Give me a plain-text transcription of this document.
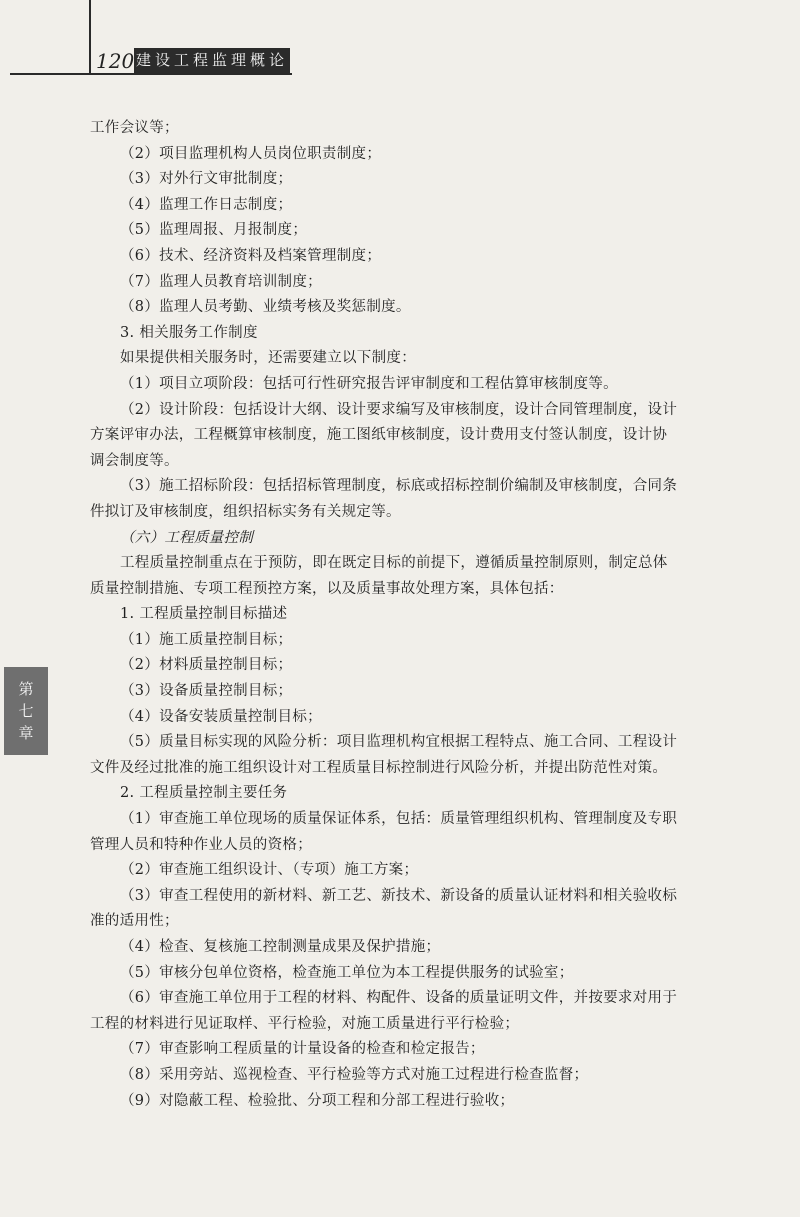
120 建设工程监理概论
第
七
章
工作会议等；
（2）项目监理机构人员岗位职责制度；
（3）对外行文审批制度；
（4）监理工作日志制度；
（5）监理周报、月报制度；
（6）技术、经济资料及档案管理制度；
（7）监理人员教育培训制度；
（8）监理人员考勤、业绩考核及奖惩制度。
3. 相关服务工作制度
如果提供相关服务时，还需要建立以下制度：
（1）项目立项阶段：包括可行性研究报告评审制度和工程估算审核制度等。
（2）设计阶段：包括设计大纲、设计要求编写及审核制度，设计合同管理制度，设计
方案评审办法，工程概算审核制度，施工图纸审核制度，设计费用支付签认制度，设计协
调会制度等。
（3）施工招标阶段：包括招标管理制度，标底或招标控制价编制及审核制度，合同条
件拟订及审核制度，组织招标实务有关规定等。
（六）工程质量控制
工程质量控制重点在于预防，即在既定目标的前提下，遵循质量控制原则，制定总体
质量控制措施、专项工程预控方案，以及质量事故处理方案，具体包括：
1. 工程质量控制目标描述
（1）施工质量控制目标；
（2）材料质量控制目标；
（3）设备质量控制目标；
（4）设备安装质量控制目标；
（5）质量目标实现的风险分析：项目监理机构宜根据工程特点、施工合同、工程设计
文件及经过批准的施工组织设计对工程质量目标控制进行风险分析，并提出防范性对策。
2. 工程质量控制主要任务
（1）审查施工单位现场的质量保证体系，包括：质量管理组织机构、管理制度及专职
管理人员和特种作业人员的资格；
（2）审查施工组织设计、（专项）施工方案；
（3）审查工程使用的新材料、新工艺、新技术、新设备的质量认证材料和相关验收标
准的适用性；
（4）检查、复核施工控制测量成果及保护措施；
（5）审核分包单位资格，检查施工单位为本工程提供服务的试验室；
（6）审查施工单位用于工程的材料、构配件、设备的质量证明文件，并按要求对用于
工程的材料进行见证取样、平行检验，对施工质量进行平行检验；
（7）审查影响工程质量的计量设备的检查和检定报告；
（8）采用旁站、巡视检查、平行检验等方式对施工过程进行检查监督；
（9）对隐蔽工程、检验批、分项工程和分部工程进行验收；
